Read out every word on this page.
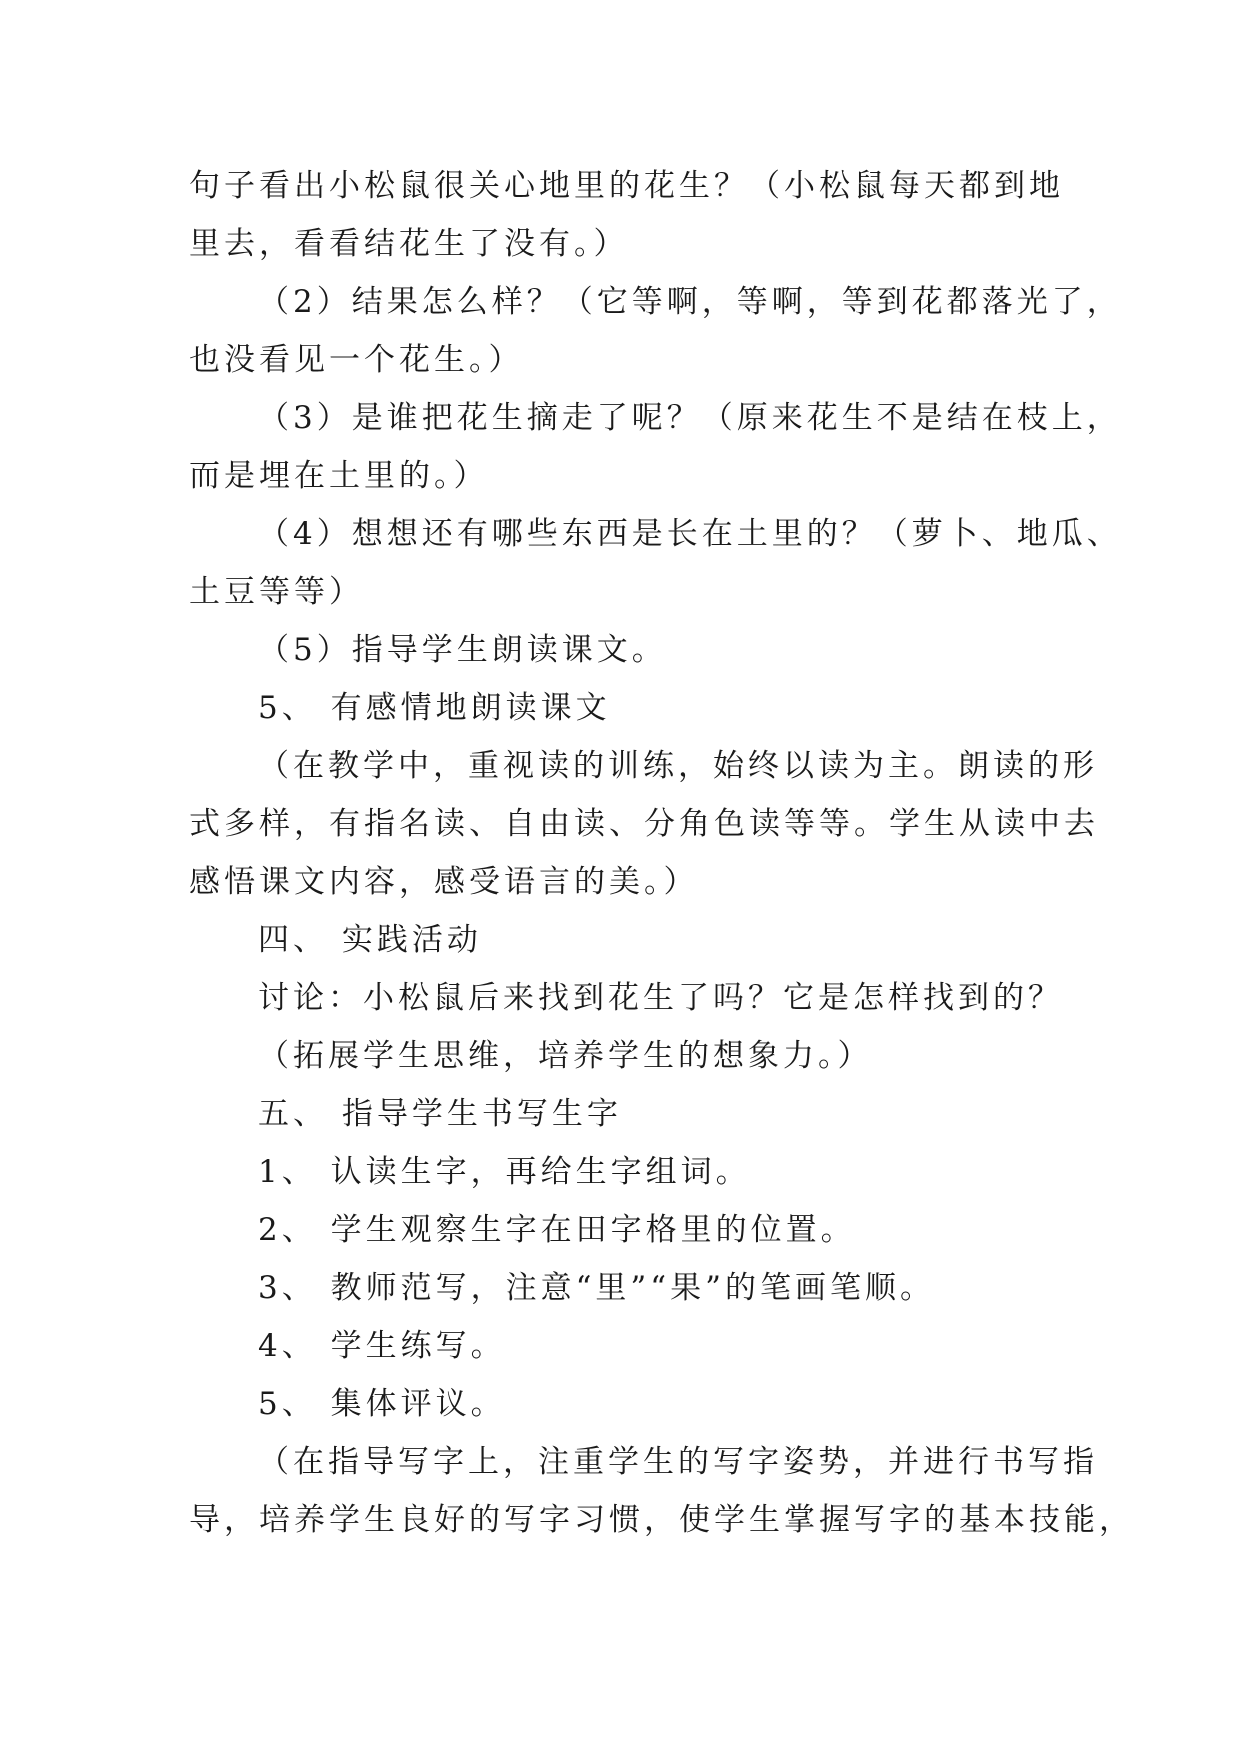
句子看出小松鼠很关心地里的花生？（小松鼠每天都到地
里去，看看结花生了没有。）
（2）结果怎么样？（它等啊，等啊，等到花都落光了，
也没看见一个花生。）
（3）是谁把花生摘走了呢？（原来花生不是结在枝上，
而是埋在土里的。）
（4）想想还有哪些东西是长在土里的？（萝卜、地瓜、
土豆等等）
（5）指导学生朗读课文。
5、 有感情地朗读课文
（在教学中，重视读的训练，始终以读为主。朗读的形
式多样，有指名读、自由读、分角色读等等。学生从读中去
感悟课文内容，感受语言的美。）
四、 实践活动
讨论：小松鼠后来找到花生了吗？它是怎样找到的？
（拓展学生思维，培养学生的想象力。）
五、 指导学生书写生字
1、 认读生字，再给生字组词。
2、 学生观察生字在田字格里的位置。
3、 教师范写，注意“里”“果”的笔画笔顺。
4、 学生练写。
5、 集体评议。
（在指导写字上，注重学生的写字姿势，并进行书写指
导，培养学生良好的写字习惯，使学生掌握写字的基本技能，
